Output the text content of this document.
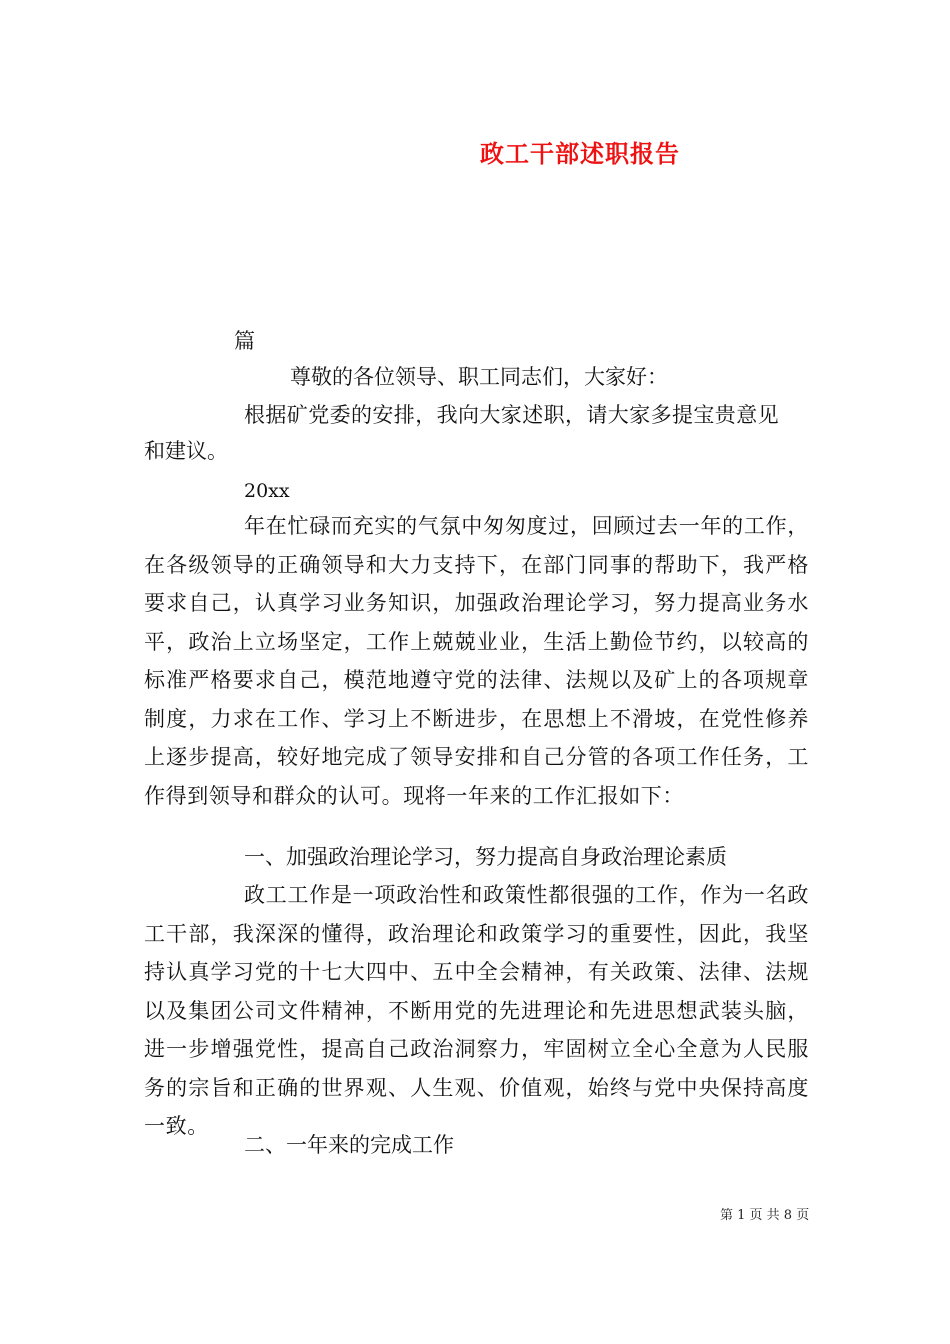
政工干部述职报告
篇
尊敬的各位领导、职工同志们，大家好：
根据矿党委的安排，我向大家述职，请大家多提宝贵意见
和建议。
20xx

年在忙碌而充实的气氛中匆匆度过，回顾过去一年的工作，在各级领导的正确领导和大力支持下，在部门同事的帮助下，我严格要求自己，认真学习业务知识，加强政治理论学习，努力提高业务水平，政治上立场坚定，工作上兢兢业业，生活上勤俭节约，以较高的标准严格要求自己，模范地遵守党的法律、法规以及矿上的各项规章制度，力求在工作、学习上不断进步，在思想上不滑坡，在党性修养上逐步提高，较好地完成了领导安排和自己分管的各项工作任务，工作得到领导和群众的认可。现将一年来的工作汇报如下：

一、加强政治理论学习，努力提高自身政治理论素质

政工工作是一项政治性和政策性都很强的工作，作为一名政工干部，我深深的懂得，政治理论和政策学习的重要性，因此，我坚持认真学习党的十七大四中、五中全会精神，有关政策、法律、法规以及集团公司文件精神，不断用党的先进理论和先进思想武装头脑，进一步增强党性，提高自己政治洞察力，牢固树立全心全意为人民服务的宗旨和正确的世界观、人生观、价值观，始终与党中央保持高度一致。

二、一年来的完成工作
第 1 页 共 8 页
